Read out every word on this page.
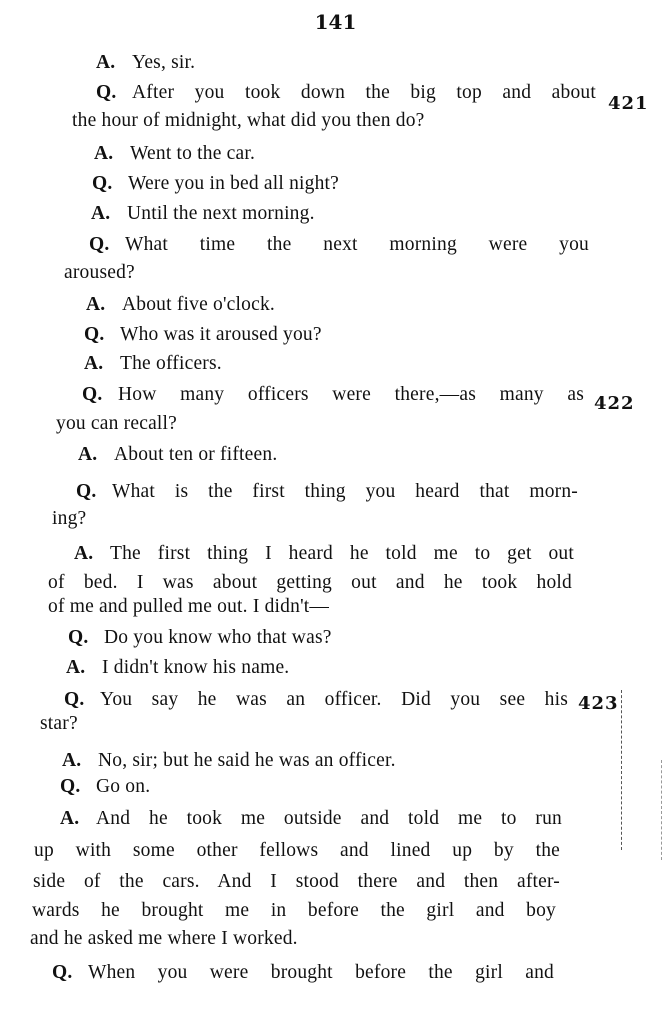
141
A. Yes, sir.
Q. After you took down the big top and about
421
the hour of midnight, what did you then do?
A. Went to the car.
Q. Were you in bed all night?
A. Until the next morning.
Q. What time the next morning were you
aroused?
A. About five o'clock.
Q. Who was it aroused you?
A. The officers.
Q. How many officers were there,—as many as 422
you can recall?
A. About ten or fifteen.
Q. What is the first thing you heard that morn-
ing?
A. The first thing I heard he told me to get out
of bed. I was about getting out and he took hold
of me and pulled me out. I didn't—
Q. Do you know who that was?
A. I didn't know his name.
Q. You say he was an officer. Did you see his 423
star?
A. No, sir; but he said he was an officer.
Q. Go on.
A. And he took me outside and told me to run
up with some other fellows and lined up by the
side of the cars. And I stood there and then after-
wards he brought me in before the girl and boy
and he asked me where I worked.
Q. When you were brought before the girl and
